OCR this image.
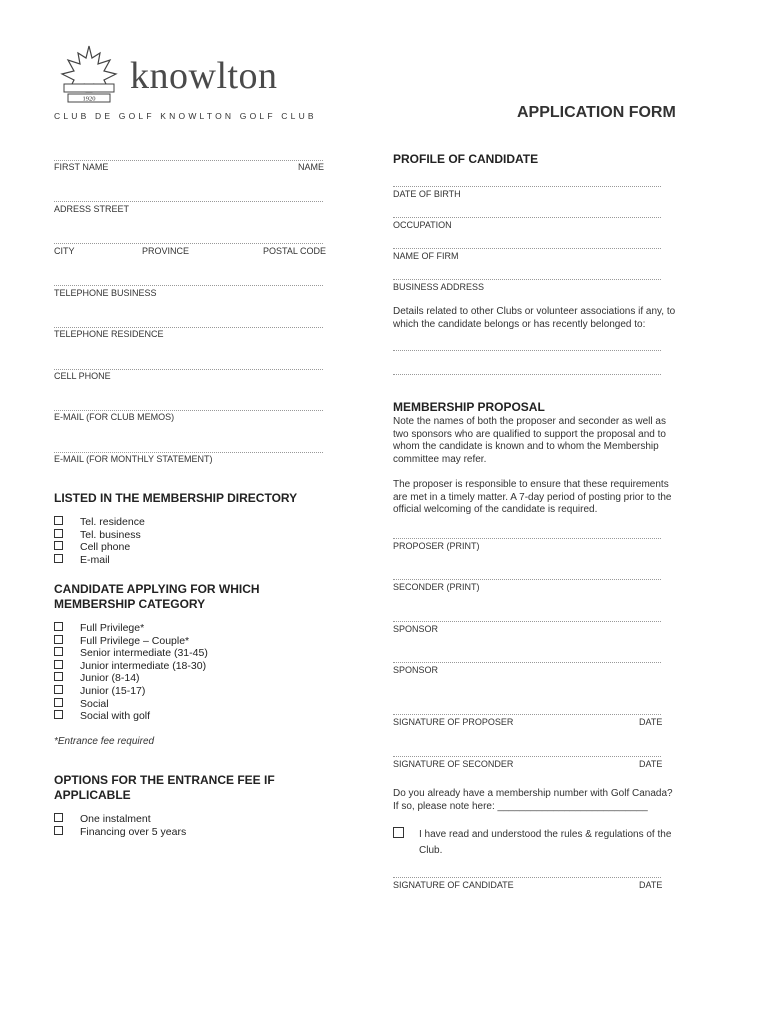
1920
knowlton
CLUB DE GOLF KNOWLTON GOLF CLUB	APPLICATION FORM
FIRST NAME	NAME
ADRESS STREET
CITY	PROVINCE	POSTAL CODE
TELEPHONE BUSINESS
TELEPHONE RESIDENCE
CELL PHONE
E-MAIL (FOR CLUB MEMOS)
E-MAIL (FOR MONTHLY STATEMENT)
LISTED IN THE MEMBERSHIP DIRECTORY
Tel. residence
Tel. business
Cell phone
E-mail
CANDIDATE APPLYING FOR WHICH
MEMBERSHIP CATEGORY
Full Privilege*
Full Privilege – Couple*
Senior intermediate (31-45)
Junior intermediate (18-30)
Junior (8-14)
Junior (15-17)
Social
Social with golf
*Entrance fee required
OPTIONS FOR THE ENTRANCE FEE IF
APPLICABLE
One instalment
Financing over 5 years
PROFILE OF CANDIDATE
DATE OF BIRTH
OCCUPATION
NAME OF FIRM
BUSINESS ADDRESS
Details related to other Clubs or volunteer associations if any, to
which the candidate belongs or has recently belonged to:
MEMBERSHIP PROPOSAL
Note the names of both the proposer and seconder as well as
two sponsors who are qualified to support the proposal and to
whom the candidate is known and to whom the Membership
committee may refer.
The proposer is responsible to ensure that these requirements
are met in a timely matter. A 7-day period of posting prior to the
official welcoming of the candidate is required.
PROPOSER (PRINT)
SECONDER (PRINT)
SPONSOR
SPONSOR
SIGNATURE OF PROPOSER	DATE
SIGNATURE OF SECONDER	DATE
Do you already have a membership number with Golf Canada?
If so, please note here: ___________________________
I have read and understood the rules & regulations of the
Club.
SIGNATURE OF CANDIDATE	DATE
